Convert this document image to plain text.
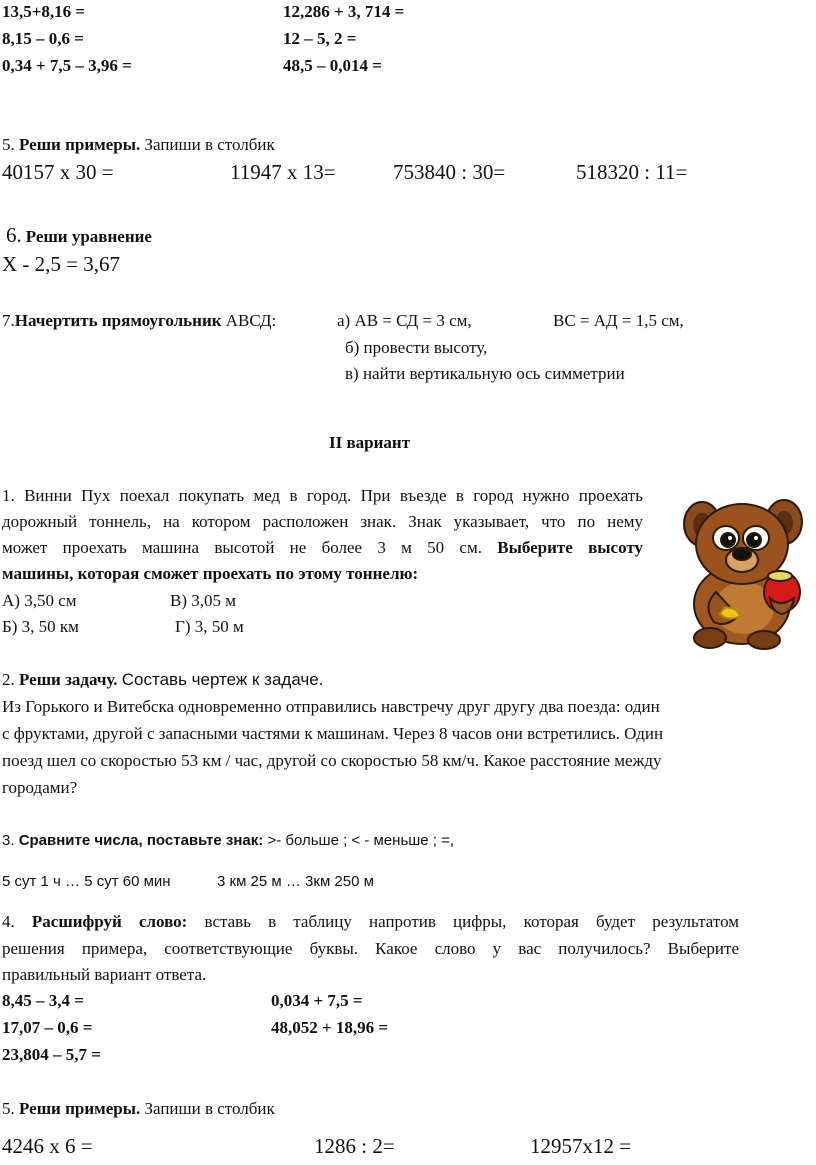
13,5+8,16 =	12,286 + 3, 714 =
8,15 – 0,6 =	12 – 5, 2 =
0,34 + 7,5 – 3,96 =	48,5 – 0,014 =
5. Реши примеры. Запиши в столбик
40157 х 30 =	11947 х 13=	753840 : 30=	518320 : 11=
6. Реши уравнение
Х - 2,5 = 3,67
7.Начертить прямоугольник АВСД:	а) АВ = СД = 3 см,	ВС = АД = 1,5 см,
б) провести высоту,
в) найти вертикальную ось симметрии
II вариант
1. Винни Пух поехал покупать мед в город. При въезде в город нужно проехать
дорожный тоннель, на котором расположен знак. Знак указывает, что по нему
может проехать машина высотой не более 3 м 50 см. Выберите высоту
машины, которая сможет проехать по этому тоннелю:
А) 3,50 см	В) 3,05 м
Б) 3, 50 км	Г) 3, 50 м
2. Реши задачу. Составь чертеж к задаче.
Из Горького и Витебска одновременно отправились навстречу друг другу два поезда: один
с фруктами, другой с запасными частями к машинам. Через 8 часов они встретились. Один
поезд шел со скоростью 53 км / час, другой со скоростью 58 км/ч. Какое расстояние между
городами?
3. Сравните числа, поставьте знак: >- больше ; < - меньше ; =,
5 сут 1 ч … 5 сут 60 мин	3 км 25 м … 3км 250 м
4. Расшифруй слово: вставь в таблицу напротив цифры, которая будет результатом
решения примера, соответствующие буквы. Какое слово у вас получилось? Выберите
правильный вариант ответа.
8,45 – 3,4 =	0,034 + 7,5 =
17,07 – 0,6 =	48,052 + 18,96 =
23,804 – 5,7 =
5. Реши примеры. Запиши в столбик
4246 х 6 =	1286 : 2=	12957х12 =
